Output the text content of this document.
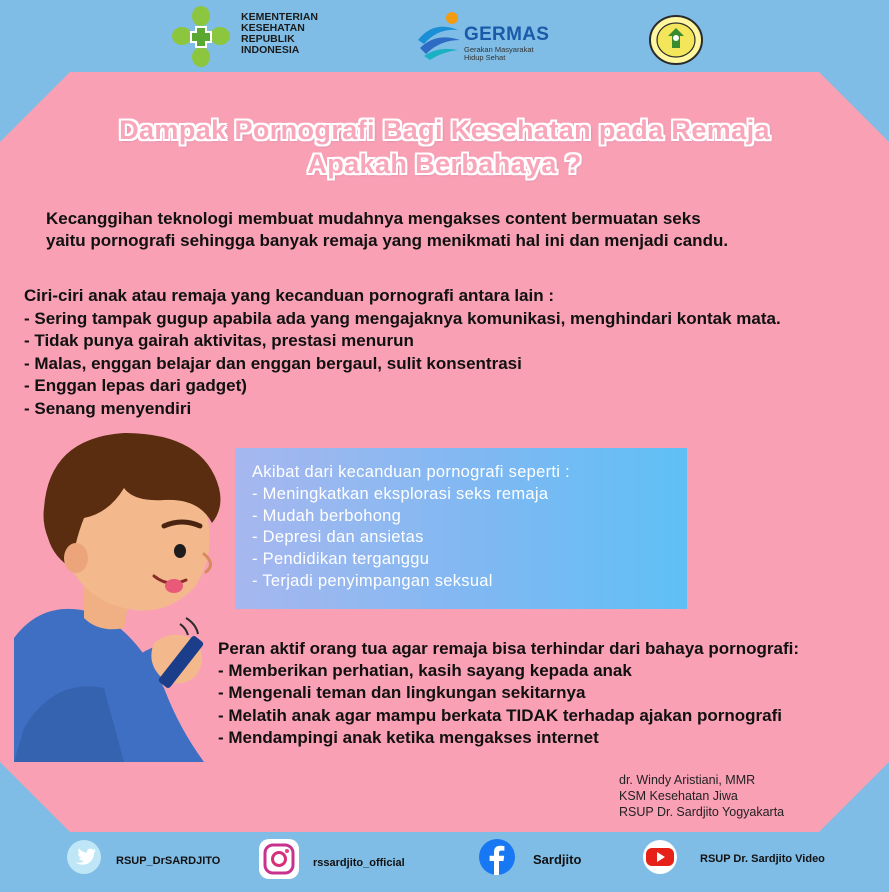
KEMENTERIAN
KESEHATAN
REPUBLIK
INDONESIA
GERMAS
Gerakan Masyarakat
Hidup Sehat
Dampak Pornografi Bagi Kesehatan pada Remaja
Apakah Berbahaya ?
Kecanggihan teknologi membuat mudahnya mengakses content bermuatan seks
yaitu pornografi sehingga banyak remaja yang menikmati hal ini dan menjadi candu.
Ciri-ciri anak atau remaja yang kecanduan pornografi antara lain :
- Sering tampak gugup apabila ada yang mengajaknya komunikasi, menghindari kontak mata.
- Tidak punya gairah aktivitas, prestasi menurun
- Malas, enggan belajar dan enggan bergaul, sulit konsentrasi
- Enggan lepas dari gadget)
- Senang menyendiri
Akibat dari kecanduan pornografi seperti :
- Meningkatkan eksplorasi seks remaja
- Mudah berbohong
- Depresi dan ansietas
- Pendidikan terganggu
- Terjadi penyimpangan seksual
Peran aktif orang tua agar remaja bisa terhindar dari bahaya pornografi:
- Memberikan perhatian, kasih sayang kepada anak
- Mengenali teman dan lingkungan sekitarnya
- Melatih anak agar mampu berkata TIDAK terhadap ajakan pornografi
- Mendampingi anak ketika mengakses internet
dr. Windy Aristiani, MMR
KSM Kesehatan Jiwa
RSUP Dr. Sardjito Yogyakarta
RSUP_DrSARDJITO	rssardjito_official	Sardjito	RSUP Dr. Sardjito Video
